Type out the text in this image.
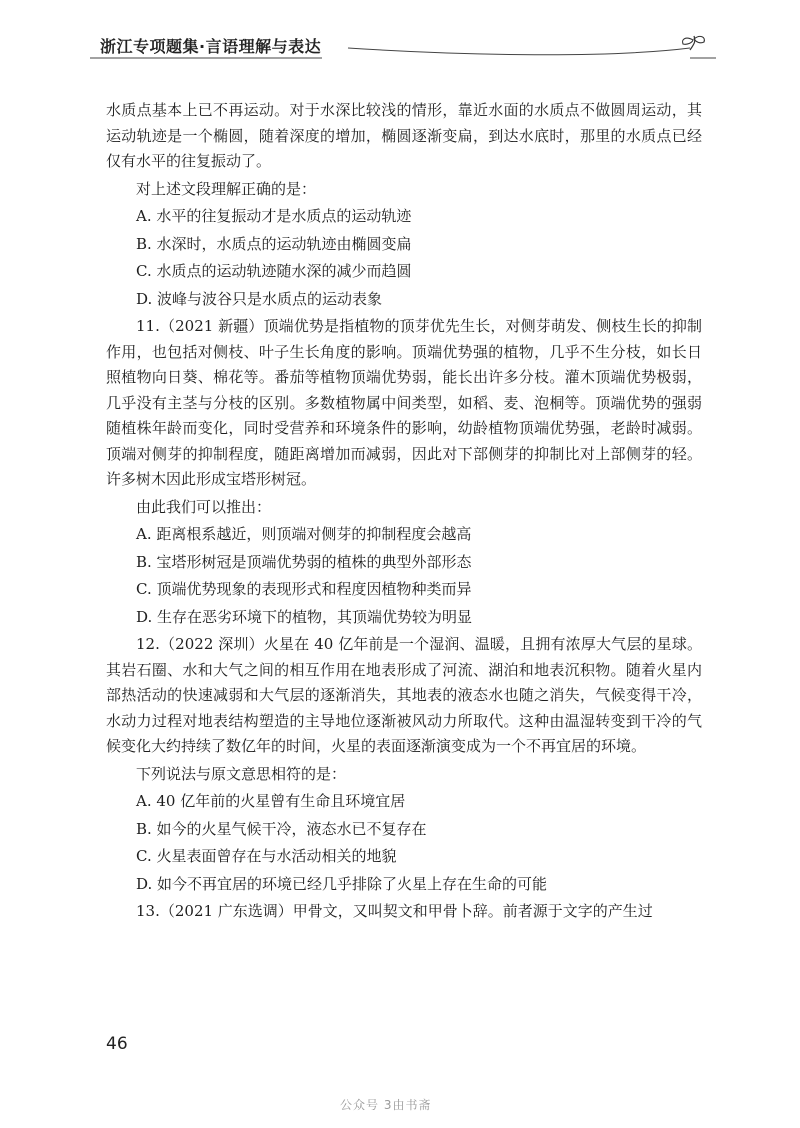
浙江专项题集·言语理解与表达

水质点基本上已不再运动。对于水深比较浅的情形，靠近水面的水质点不做圆周运动，其运动轨迹是一个椭圆，随着深度的增加，椭圆逐渐变扁，到达水底时，那里的水质点已经仅有水平的往复振动了。

对上述文段理解正确的是：

A. 水平的往复振动才是水质点的运动轨迹

B. 水深时，水质点的运动轨迹由椭圆变扁

C. 水质点的运动轨迹随水深的减少而趋圆

D. 波峰与波谷只是水质点的运动表象

11.（2021 新疆）顶端优势是指植物的顶芽优先生长，对侧芽萌发、侧枝生长的抑制作用，也包括对侧枝、叶子生长角度的影响。顶端优势强的植物，几乎不生分枝，如长日照植物向日葵、棉花等。番茄等植物顶端优势弱，能长出许多分枝。灌木顶端优势极弱，几乎没有主茎与分枝的区别。多数植物属中间类型，如稻、麦、泡桐等。顶端优势的强弱随植株年龄而变化，同时受营养和环境条件的影响，幼龄植物顶端优势强，老龄时减弱。顶端对侧芽的抑制程度，随距离增加而减弱，因此对下部侧芽的抑制比对上部侧芽的轻。许多树木因此形成宝塔形树冠。

由此我们可以推出：

A. 距离根系越近，则顶端对侧芽的抑制程度会越高

B. 宝塔形树冠是顶端优势弱的植株的典型外部形态

C. 顶端优势现象的表现形式和程度因植物种类而异

D. 生存在恶劣环境下的植物，其顶端优势较为明显

12.（2022 深圳）火星在 40 亿年前是一个湿润、温暖，且拥有浓厚大气层的星球。其岩石圈、水和大气之间的相互作用在地表形成了河流、湖泊和地表沉积物。随着火星内部热活动的快速减弱和大气层的逐渐消失，其地表的液态水也随之消失，气候变得干冷，水动力过程对地表结构塑造的主导地位逐渐被风动力所取代。这种由温湿转变到干冷的气候变化大约持续了数亿年的时间，火星的表面逐渐演变成为一个不再宜居的环境。

下列说法与原文意思相符的是：

A. 40 亿年前的火星曾有生命且环境宜居

B. 如今的火星气候干冷，液态水已不复存在

C. 火星表面曾存在与水活动相关的地貌

D. 如今不再宜居的环境已经几乎排除了火星上存在生命的可能

13.（2021 广东选调）甲骨文，又叫契文和甲骨卜辞。前者源于文字的产生过

46
公众号 3由书斋
